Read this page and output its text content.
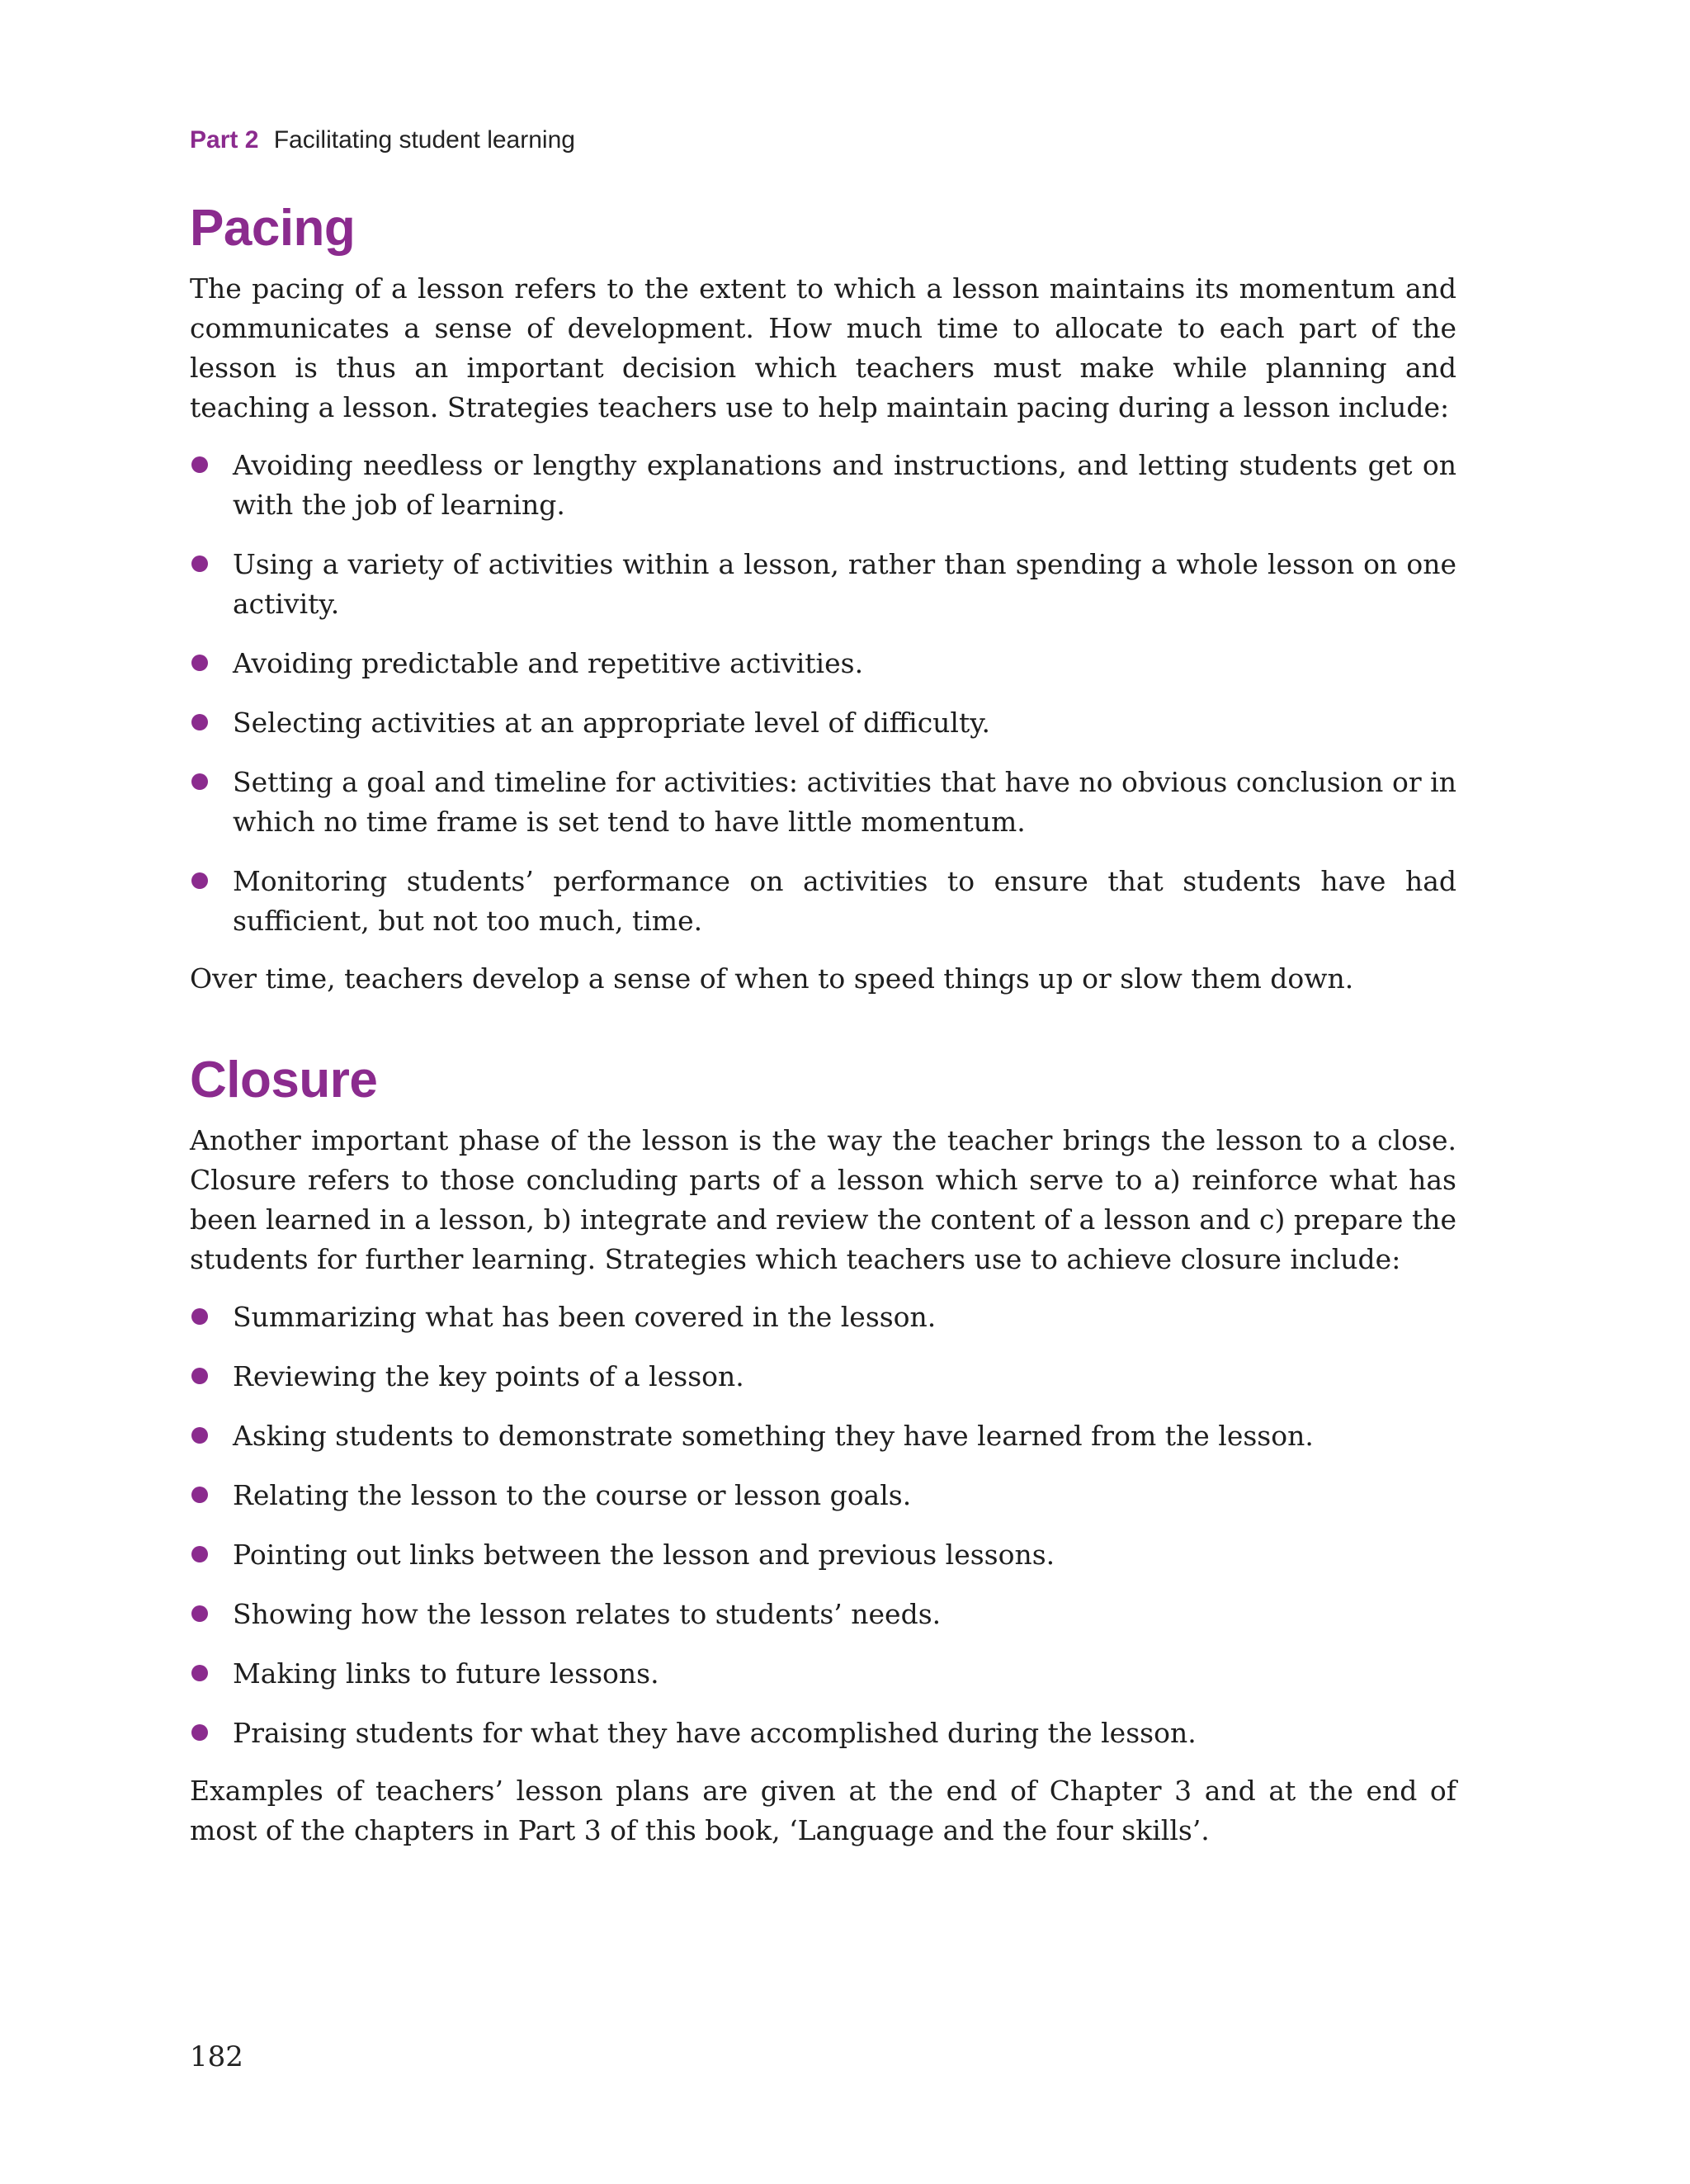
Part 2 Facilitating student learning
Pacing

The pacing of a lesson refers to the extent to which a lesson maintains its momentum and communicates a sense of development. How much time to allocate to each part of the lesson is thus an important decision which teachers must make while planning and teaching a lesson. Strategies teachers use to help maintain pacing during a lesson include:

Avoiding needless or lengthy explanations and instructions, and letting students get on with the job of learning.
Using a variety of activities within a lesson, rather than spending a whole lesson on one activity.
Avoiding predictable and repetitive activities.
Selecting activities at an appropriate level of difficulty.
Setting a goal and timeline for activities: activities that have no obvious conclusion or in which no time frame is set tend to have little momentum.
Monitoring students’ performance on activities to ensure that students have had sufficient, but not too much, time.

Over time, teachers develop a sense of when to speed things up or slow them down.

Closure

Another important phase of the lesson is the way the teacher brings the lesson to a close. Closure refers to those concluding parts of a lesson which serve to a) reinforce what has been learned in a lesson, b) integrate and review the content of a lesson and c) prepare the students for further learning. Strategies which teachers use to achieve closure include:

Summarizing what has been covered in the lesson.
Reviewing the key points of a lesson.
Asking students to demonstrate something they have learned from the lesson.
Relating the lesson to the course or lesson goals.
Pointing out links between the lesson and previous lessons.
Showing how the lesson relates to students’ needs.
Making links to future lessons.
Praising students for what they have accomplished during the lesson.

Examples of teachers’ lesson plans are given at the end of Chapter 3 and at the end of most of the chapters in Part 3 of this book, ‘Language and the four skills’.

182
